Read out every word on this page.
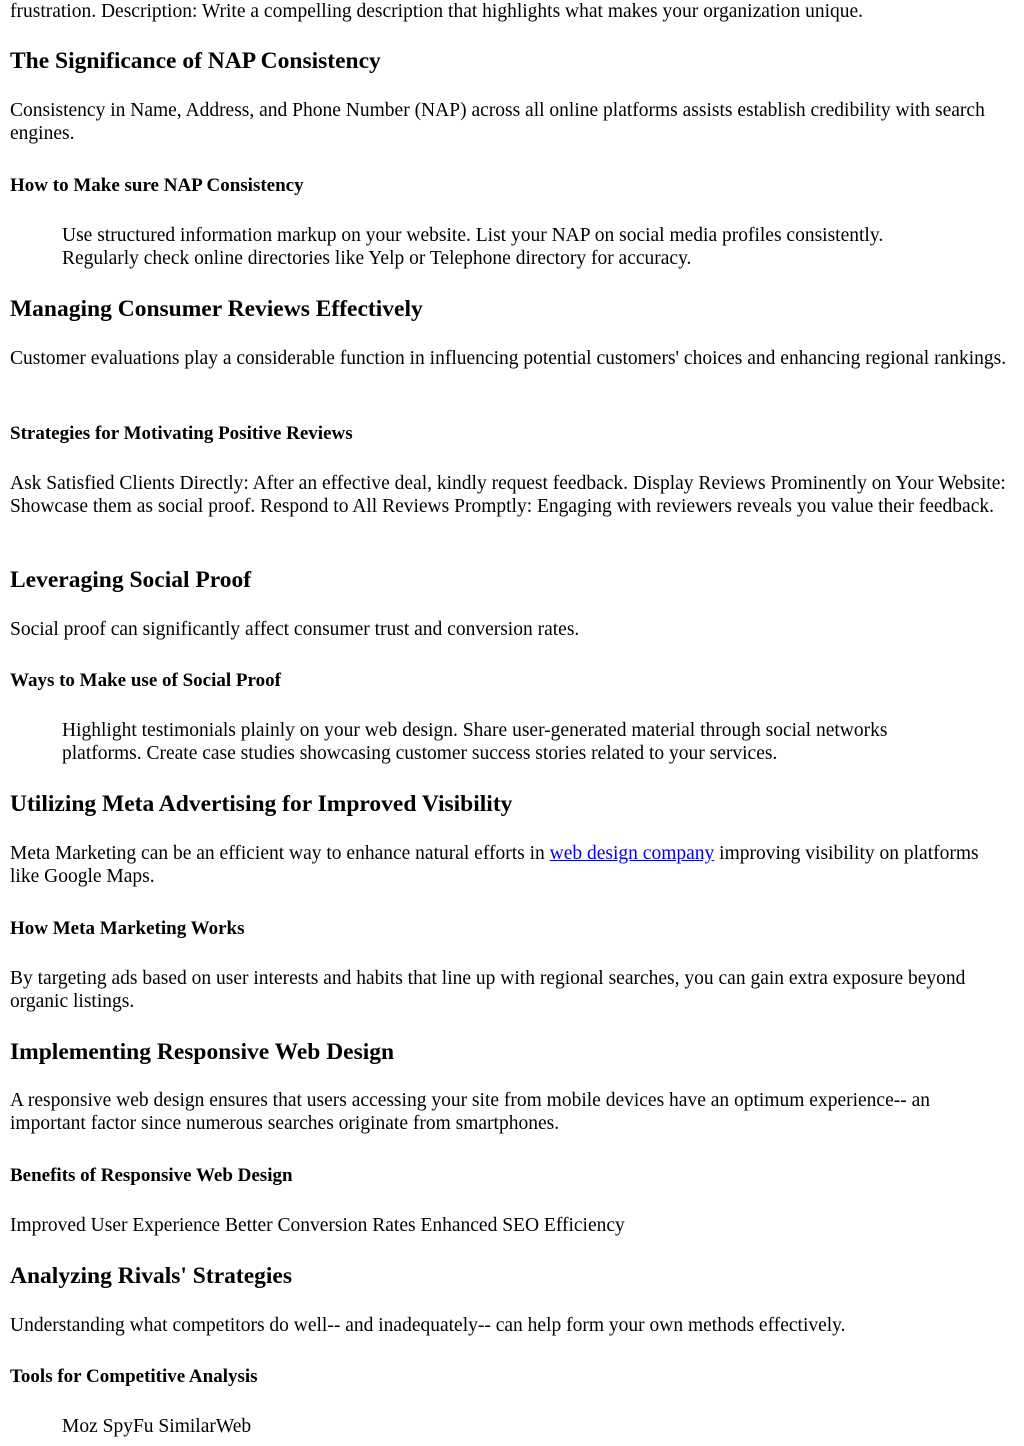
frustration. Description: Write a compelling description that highlights what makes your organization unique.

The Significance of NAP Consistency

Consistency in Name, Address, and Phone Number (NAP) across all online platforms assists establish credibility with search engines.

How to Make sure NAP Consistency

Use structured information markup on your website. List your NAP on social media profiles consistently. Regularly check online directories like Yelp or Telephone directory for accuracy.

Managing Consumer Reviews Effectively

Customer evaluations play a considerable function in influencing potential customers' choices and enhancing regional rankings.

Strategies for Motivating Positive Reviews

Ask Satisfied Clients Directly: After an effective deal, kindly request feedback. Display Reviews Prominently on Your Website: Showcase them as social proof. Respond to All Reviews Promptly: Engaging with reviewers reveals you value their feedback.

Leveraging Social Proof

Social proof can significantly affect consumer trust and conversion rates.

Ways to Make use of Social Proof

Highlight testimonials plainly on your web design. Share user-generated material through social networks platforms. Create case studies showcasing customer success stories related to your services.

Utilizing Meta Advertising for Improved Visibility

Meta Marketing can be an efficient way to enhance natural efforts in web design company improving visibility on platforms like Google Maps.

How Meta Marketing Works

By targeting ads based on user interests and habits that line up with regional searches, you can gain extra exposure beyond organic listings.

Implementing Responsive Web Design

A responsive web design ensures that users accessing your site from mobile devices have an optimum experience-- an important factor since numerous searches originate from smartphones.

Benefits of Responsive Web Design

Improved User Experience Better Conversion Rates Enhanced SEO Efficiency

Analyzing Rivals' Strategies

Understanding what competitors do well-- and inadequately-- can help form your own methods effectively.

Tools for Competitive Analysis

Moz SpyFu SimilarWeb
